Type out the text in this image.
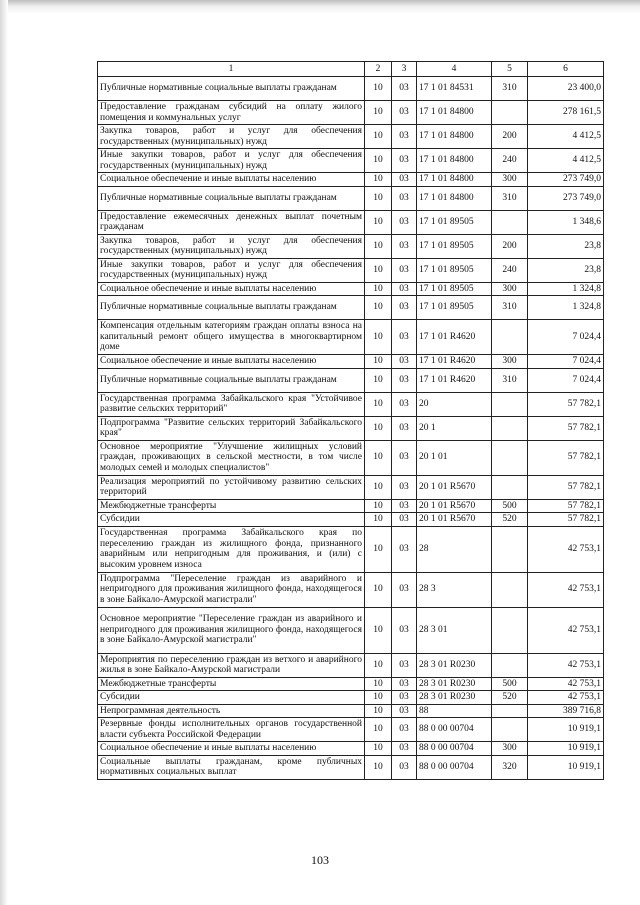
1	2	3	4	5	6
Публичные нормативные социальные выплаты гражданам	10	03	17 1 01 84531	310	23 400,0
Предоставление гражданам субсидий на оплату жилого помещения и коммунальных услуг	10	03	17 1 01 84800		278 161,5
Закупка товаров, работ и услуг для обеспечения государственных (муниципальных) нужд	10	03	17 1 01 84800	200	4 412,5
Иные закупки товаров, работ и услуг для обеспечения государственных (муниципальных) нужд	10	03	17 1 01 84800	240	4 412,5
Социальное обеспечение и иные выплаты населению	10	03	17 1 01 84800	300	273 749,0
Публичные нормативные социальные выплаты гражданам	10	03	17 1 01 84800	310	273 749,0
Предоставление ежемесячных денежных выплат почетным гражданам	10	03	17 1 01 89505		1 348,6
Закупка товаров, работ и услуг для обеспечения государственных (муниципальных) нужд	10	03	17 1 01 89505	200	23,8
Иные закупки товаров, работ и услуг для обеспечения государственных (муниципальных) нужд	10	03	17 1 01 89505	240	23,8
Социальное обеспечение и иные выплаты населению	10	03	17 1 01 89505	300	1 324,8
Публичные нормативные социальные выплаты гражданам	10	03	17 1 01 89505	310	1 324,8
Компенсация отдельным категориям граждан оплаты взноса на капитальный ремонт общего имущества в многоквартирном доме	10	03	17 1 01 R4620		7 024,4
Социальное обеспечение и иные выплаты населению	10	03	17 1 01 R4620	300	7 024,4
Публичные нормативные социальные выплаты гражданам	10	03	17 1 01 R4620	310	7 024,4
Государственная программа Забайкальского края "Устойчивое развитие сельских территорий"	10	03	20		57 782,1
Подпрограмма "Развитие сельских территорий Забайкальского края"	10	03	20 1		57 782,1
Основное мероприятие "Улучшение жилищных условий граждан, проживающих в сельской местности, в том числе молодых семей и молодых специалистов"	10	03	20 1 01		57 782,1
Реализация мероприятий по устойчивому развитию сельских территорий	10	03	20 1 01 R5670		57 782,1
Межбюджетные трансферты	10	03	20 1 01 R5670	500	57 782,1
Субсидии	10	03	20 1 01 R5670	520	57 782,1
Государственная программа Забайкальского края по переселению граждан из жилищного фонда, признанного аварийным или непригодным для проживания, и (или) с высоким уровнем износа	10	03	28		42 753,1
Подпрограмма "Переселение граждан из аварийного и непригодного для проживания жилищного фонда, находящегося в зоне Байкало-Амурской магистрали"	10	03	28 3		42 753,1
Основное мероприятие "Переселение граждан из аварийного и непригодного для проживания жилищного фонда, находящегося в зоне Байкало-Амурской магистрали"	10	03	28 3 01		42 753,1
Мероприятия по переселению граждан из ветхого и аварийного жилья в зоне Байкало-Амурской магистрали	10	03	28 3 01 R0230		42 753,1
Межбюджетные трансферты	10	03	28 3 01 R0230	500	42 753,1
Субсидии	10	03	28 3 01 R0230	520	42 753,1
Непрограммная деятельность	10	03	88		389 716,8
Резервные фонды исполнительных органов государственной власти субъекта Российской Федерации	10	03	88 0 00 00704		10 919,1
Социальное обеспечение и иные выплаты населению	10	03	88 0 00 00704	300	10 919,1
Социальные выплаты гражданам, кроме публичных нормативных социальных выплат	10	03	88 0 00 00704	320	10 919,1
103
